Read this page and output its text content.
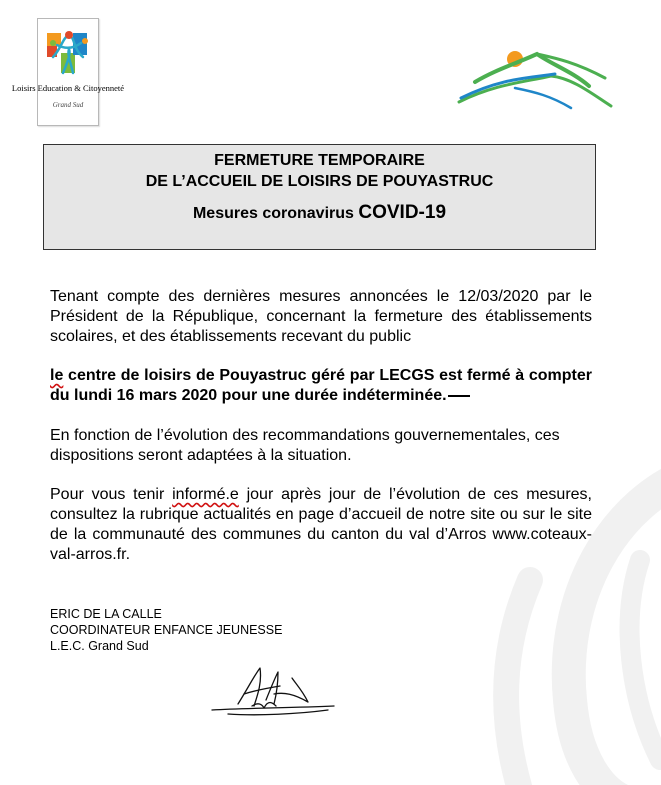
Loisirs Education & Citoyenneté
Grand Sud
FERMETURE TEMPORAIRE
DE L’ACCUEIL DE LOISIRS DE POUYASTRUC
Mesures coronavirus COVID-19
Tenant compte des dernières mesures annoncées le 12/03/2020 par le Président de la République, concernant la fermeture des établissements scolaires, et des établissements recevant du public
le centre de loisirs de Pouyastruc géré par LECGS est fermé à compter du lundi 16 mars 2020 pour une durée indéterminée.
En fonction de l’évolution des recommandations gouvernementales, ces dispositions seront adaptées à la situation.
Pour vous tenir informé.e jour après jour de l’évolution de ces mesures, consultez la rubrique actualités en page d’accueil de notre site ou sur le site de la communauté des communes du canton du val d’Arros www.coteaux-val-arros.fr.
ERIC DE LA CALLE
COORDINATEUR ENFANCE JEUNESSE
L.E.C. Grand Sud
